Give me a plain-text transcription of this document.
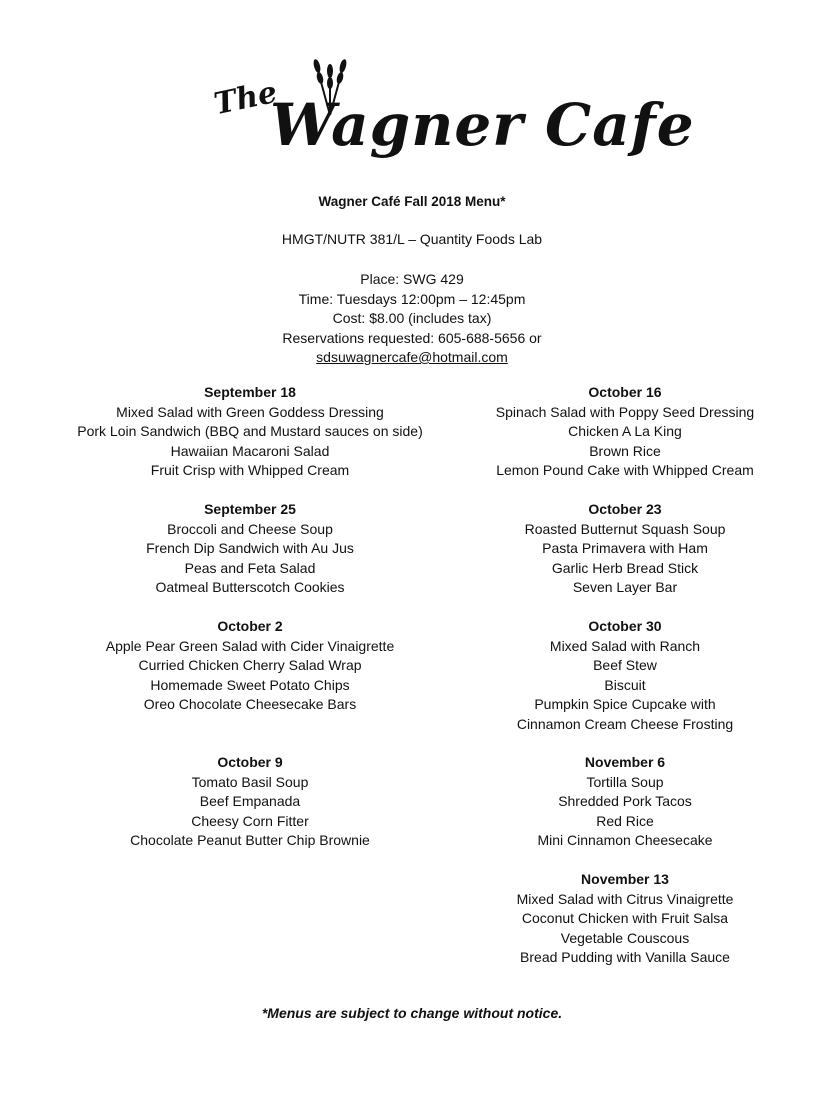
The
Wagner Cafe
Wagner Café Fall 2018 Menu*
HMGT/NUTR 381/L – Quantity Foods Lab
Place: SWG 429
Time: Tuesdays 12:00pm – 12:45pm
Cost: $8.00 (includes tax)
Reservations requested: 605-688-5656 or
sdsuwagnercafe@hotmail.com
September 18
Mixed Salad with Green Goddess Dressing
Pork Loin Sandwich (BBQ and Mustard sauces on side)
Hawaiian Macaroni Salad
Fruit Crisp with Whipped Cream
September 25
Broccoli and Cheese Soup
French Dip Sandwich with Au Jus
Peas and Feta Salad
Oatmeal Butterscotch Cookies
October 2
Apple Pear Green Salad with Cider Vinaigrette
Curried Chicken Cherry Salad Wrap
Homemade Sweet Potato Chips
Oreo Chocolate Cheesecake Bars
October 9
Tomato Basil Soup
Beef Empanada
Cheesy Corn Fitter
Chocolate Peanut Butter Chip Brownie
October 16
Spinach Salad with Poppy Seed Dressing
Chicken A La King
Brown Rice
Lemon Pound Cake with Whipped Cream
October 23
Roasted Butternut Squash Soup
Pasta Primavera with Ham
Garlic Herb Bread Stick
Seven Layer Bar
October 30
Mixed Salad with Ranch
Beef Stew
Biscuit
Pumpkin Spice Cupcake with
Cinnamon Cream Cheese Frosting
November 6
Tortilla Soup
Shredded Pork Tacos
Red Rice
Mini Cinnamon Cheesecake
November 13
Mixed Salad with Citrus Vinaigrette
Coconut Chicken with Fruit Salsa
Vegetable Couscous
Bread Pudding with Vanilla Sauce
*Menus are subject to change without notice.
